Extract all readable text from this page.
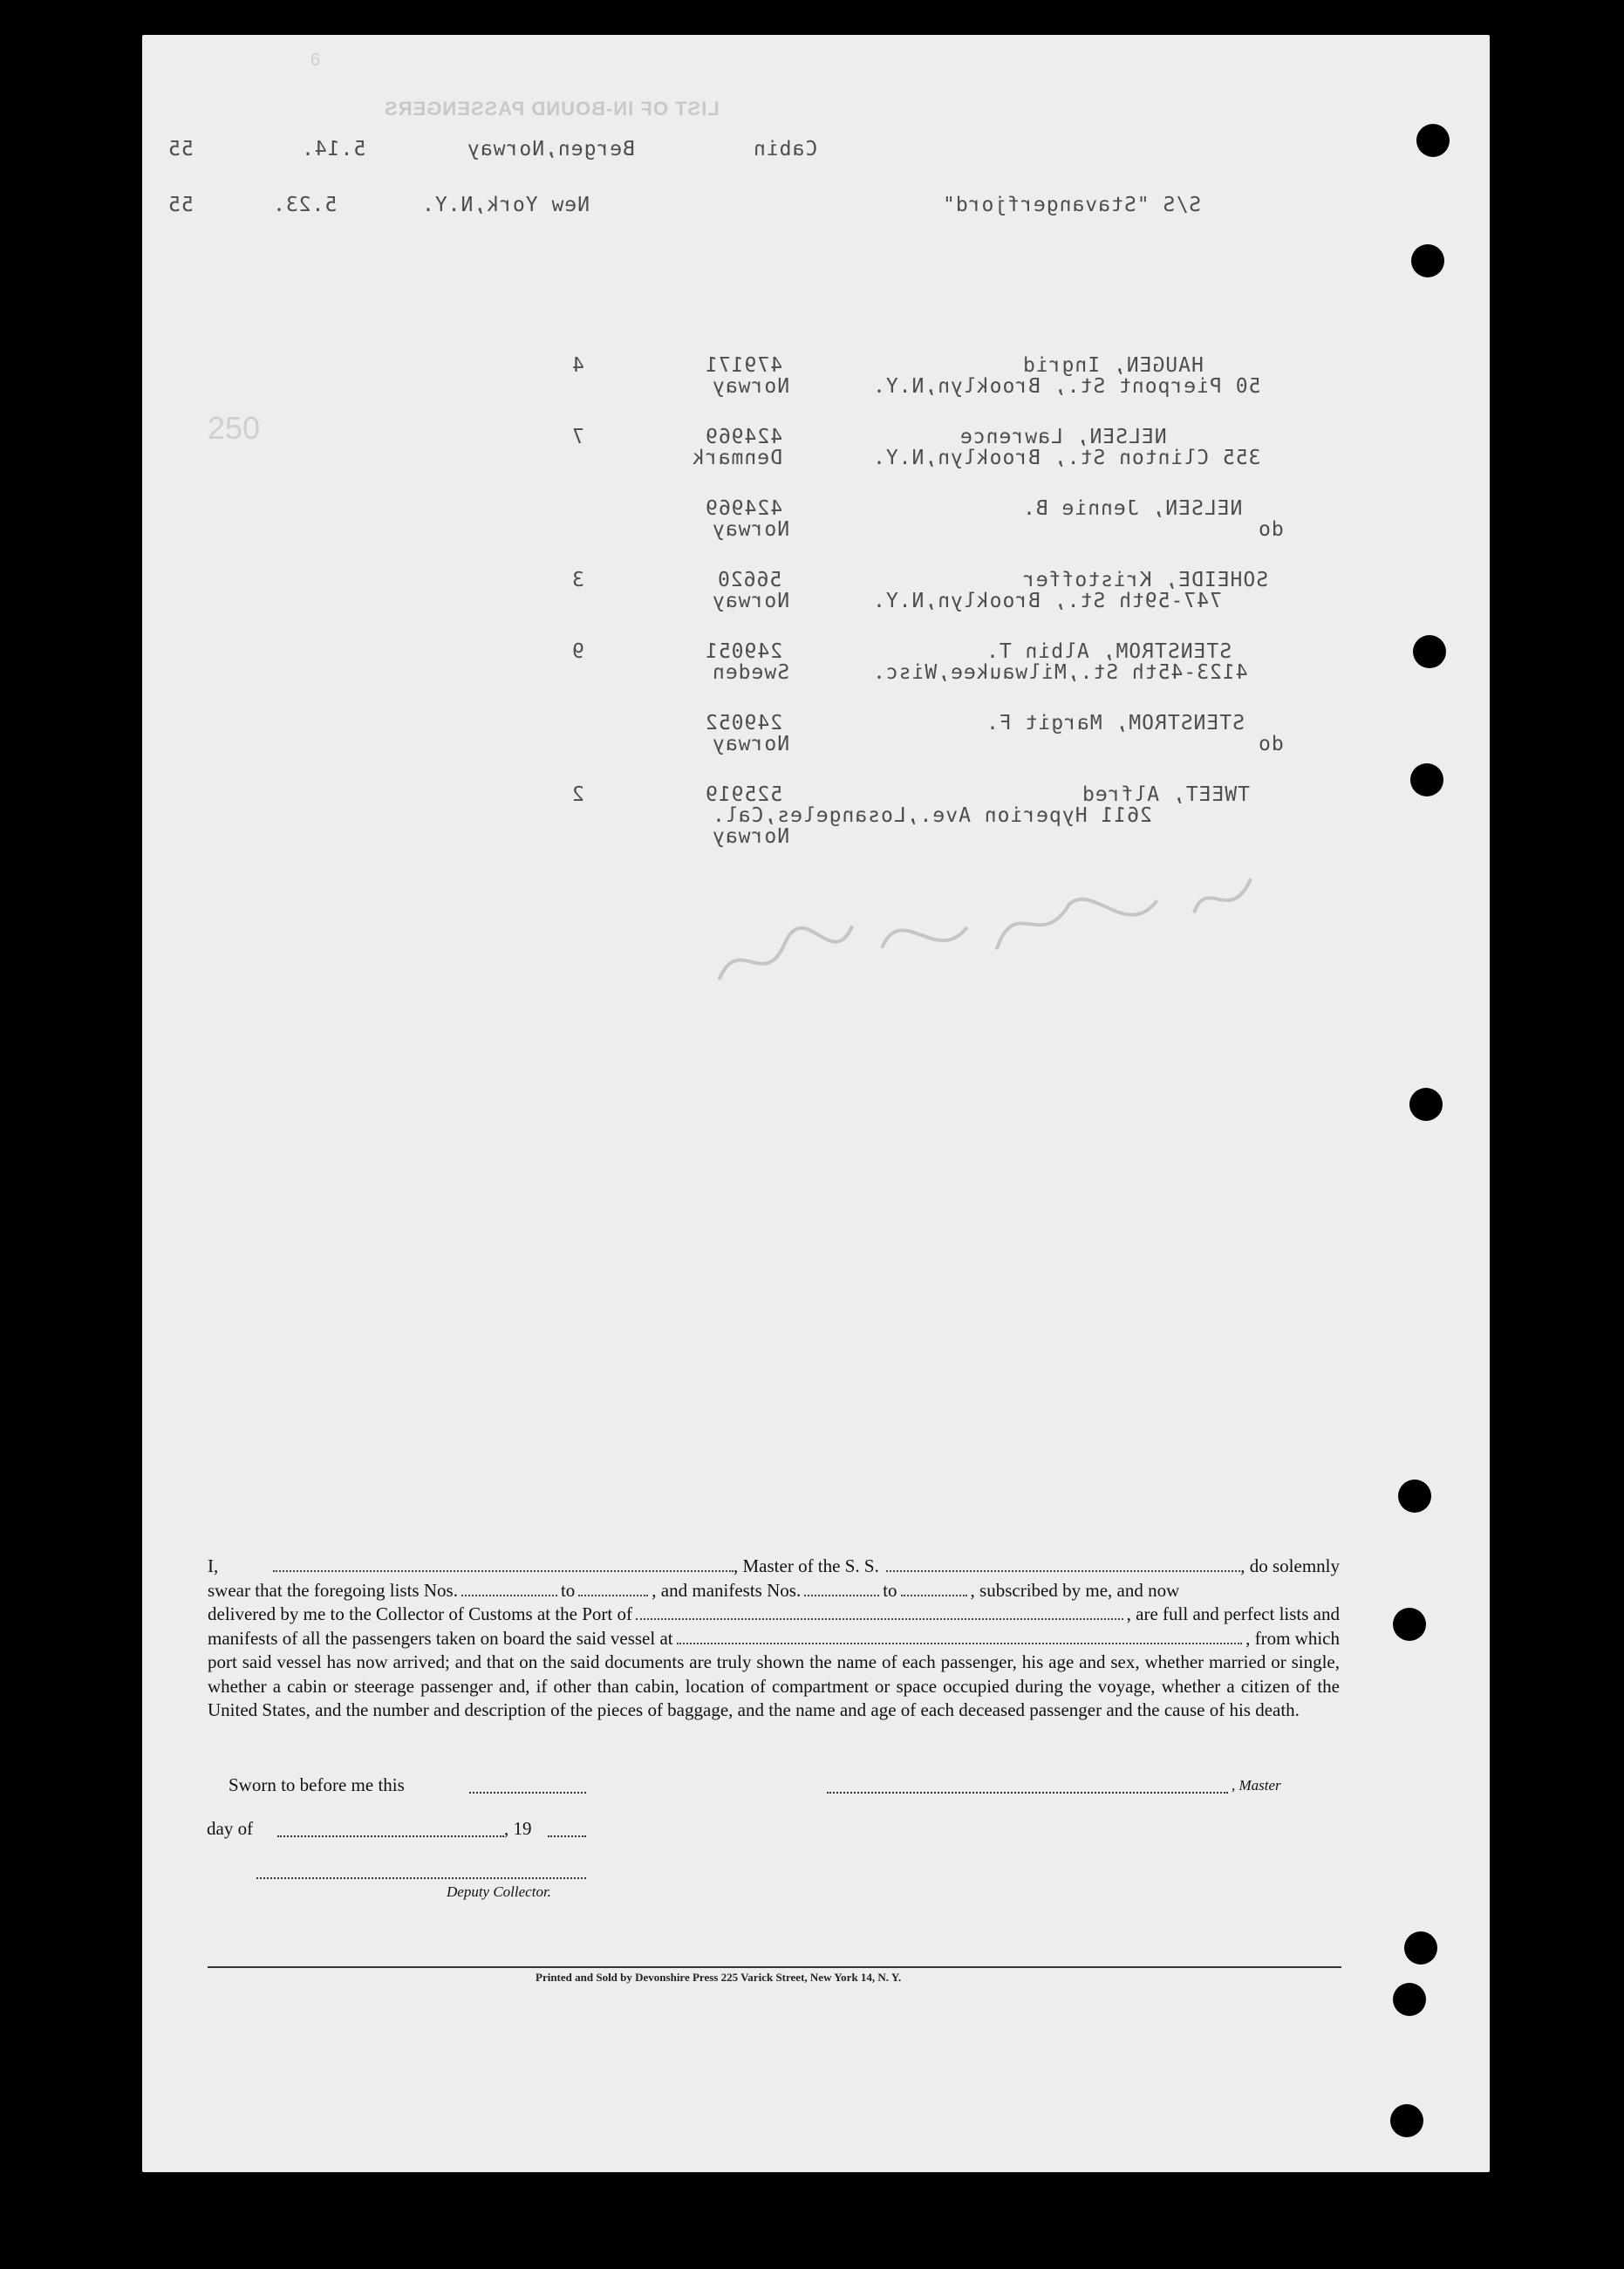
6
LIST OF IN-BOUND PASSENGERS
55	5.14.	Bergen,Norway	Cabin
55	5.23.	New York,N.Y.	S/S "Stavangerfjord"
250
4	479171	HAUGEN, Ingrid
Norway	50 Pierpont St., Brooklyn,N.Y.
7	424969	NELSEN, Lawrence
Denmark	355 Clinton St., Brooklyn,N.Y.
424969	NELSEN, Jennie B.
Norway	do
3	56620	SOHEIDE, Kristoffer
Norway	747-59th St., Brooklyn,N.Y.
9	249051	STENSTROM, Albin T.
Sweden	4123-45th St.,Milwaukee,Wisc.
249052	STENSTROM, Margit F.
Norway	do
2	525919	TWEET, Alfred
2611 Hyperion Ave.,Losangeles,Cal.
Norway
I,	, Master of the S. S.	, do solemnly
swear that the foregoing lists Nos.	to	, and manifests Nos.	to	, subscribed by me, and now
delivered by me to the Collector of Customs at the Port of	, are full and perfect lists and
manifests of all the passengers taken on board the said vessel at	, from which
port said vessel has now arrived; and that on the said documents are truly shown the name of each passenger, his age and sex, whether married or single, whether a cabin or steerage passenger and, if other than cabin, location of compartment or space occupied during the voyage, whether a citizen of the United States, and the number and description of the pieces of baggage, and the name and age of each deceased passenger and the cause of his death.
Sworn to before me this	, Master
day of	, 19
Deputy Collector.
Printed and Sold by Devonshire Press 225 Varick Street, New York 14, N. Y.
